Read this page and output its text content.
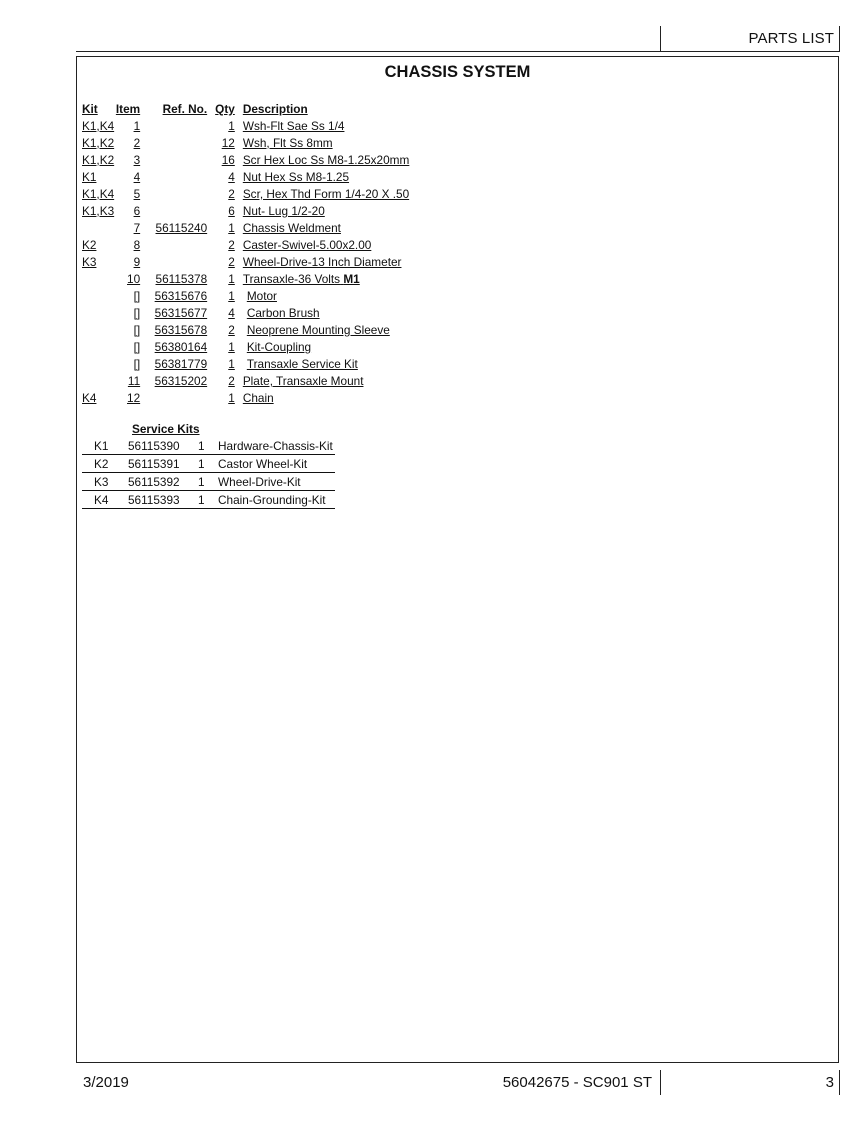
PARTS LIST
CHASSIS SYSTEM
Kit	Item	Ref. No.	Qty	Description
K1,K4	1		1	Wsh-Flt Sae Ss 1/4
K1,K2	2		12	Wsh, Flt Ss 8mm
K1,K2	3		16	Scr Hex Loc Ss M8-1.25x20mm
K1	4		4	Nut Hex Ss M8-1.25
K1,K4	5		2	Scr, Hex Thd Form 1/4-20 X .50
K1,K3	6		6	Nut- Lug 1/2-20
	7	56115240	1	Chassis Weldment
K2	8		2	Caster-Swivel-5.00x2.00
K3	9		2	Wheel-Drive-13 Inch Diameter
	10	56115378	1	Transaxle-36 Volts M1
	[]	56315676	1	Motor
	[]	56315677	4	Carbon Brush
	[]	56315678	2	Neoprene Mounting Sleeve
	[]	56380164	1	Kit-Coupling
	[]	56381779	1	Transaxle Service Kit
	11	56315202	2	Plate, Transaxle Mount
K4	12		1	Chain
Service Kits
K1	56115390	1	Hardware-Chassis-Kit
K2	56115391	1	Castor Wheel-Kit
K3	56115392	1	Wheel-Drive-Kit
K4	56115393	1	Chain-Grounding-Kit
3/2019	56042675 - SC901 ST	3
